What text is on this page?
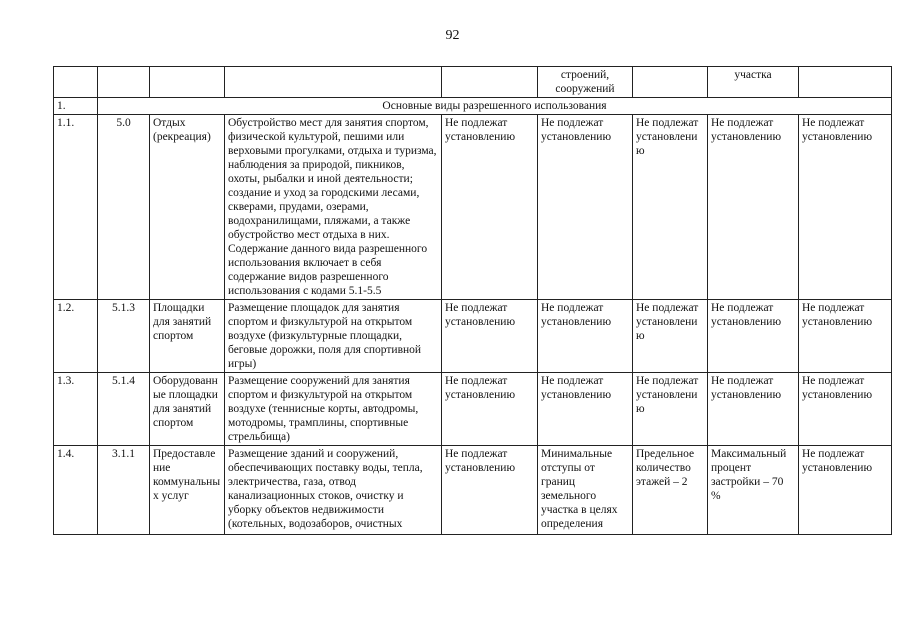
92
					строений, сооружений		участка	
1.	Основные виды разрешенного использования							
1.1.	5.0	Отдых (рекреация)	Обустройство мест для занятия спортом, физической культурой, пешими или верховыми прогулками, отдыха и туризма, наблюдения за природой, пикников, охоты, рыбалки и иной деятельности; создание и уход за городскими лесами, скверами, прудами, озерами, водохранилищами, пляжами, а также обустройство мест отдыха в них. Содержание данного вида разрешенного использования включает в себя содержание видов разрешенного использования с кодами 5.1-5.5	Не подлежат установлению	Не подлежат установлению	Не подлежат установлению	Не подлежат установлению	Не подлежат установлению
1.2.	5.1.3	Площадки для занятий спортом	Размещение площадок для занятия спортом и физкультурой на открытом воздухе (физкультурные площадки, беговые дорожки, поля для спортивной игры)	Не подлежат установлению	Не подлежат установлению	Не подлежат установлению	Не подлежат установлению	Не подлежат установлению
1.3.	5.1.4	Оборудованные площадки для занятий спортом	Размещение сооружений для занятия спортом и физкультурой на открытом воздухе (теннисные корты, автодромы, мотодромы, трамплины, спортивные стрельбища)	Не подлежат установлению	Не подлежат установлению	Не подлежат установлению	Не подлежат установлению	Не подлежат установлению
1.4.	3.1.1	Предоставление коммунальных услуг	Размещение зданий и сооружений, обеспечивающих поставку воды, тепла, электричества, газа, отвод канализационных стоков, очистку и уборку объектов недвижимости (котельных, водозаборов, очистных	Не подлежат установлению	Минимальные отступы от границ земельного участка в целях определения	Предельное количество этажей – 2	Максимальный процент застройки – 70 %	Не подлежат установлению
